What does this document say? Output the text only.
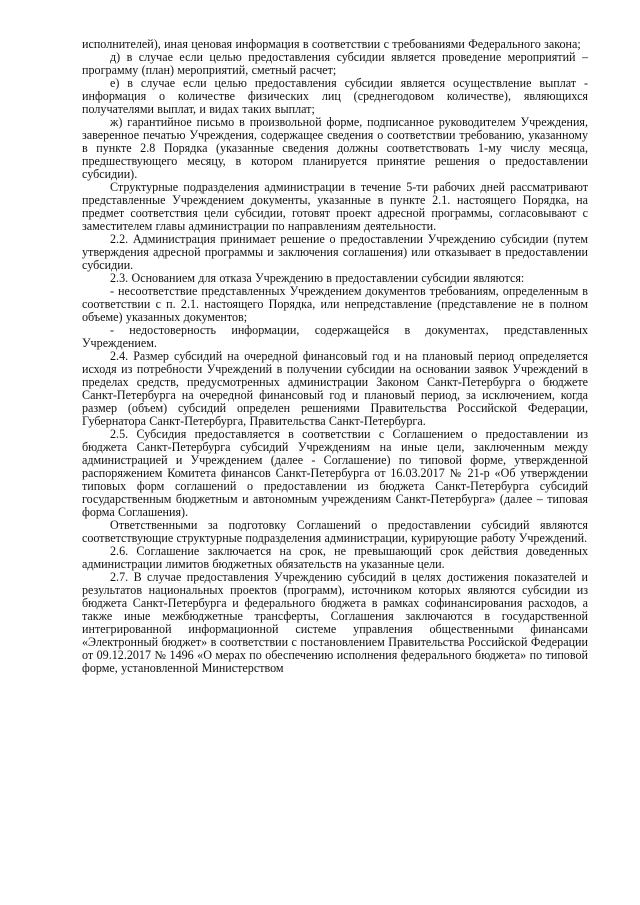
исполнителей), иная ценовая информация в соответствии с требованиями Федерального закона;

д) в случае если целью предоставления субсидии является проведение мероприятий – программу (план) мероприятий, сметный расчет;

е) в случае если целью предоставления субсидии является осуществление выплат - информация о количестве физических лиц (среднегодовом количестве), являющихся получателями выплат, и видах таких выплат;

ж) гарантийное письмо в произвольной форме, подписанное руководителем Учреждения, заверенное печатью Учреждения, содержащее сведения о соответствии требованию, указанному в пункте 2.8 Порядка (указанные сведения должны соответствовать 1-му числу месяца, предшествующего месяцу, в котором планируется принятие решения о предоставлении субсидии).

Структурные подразделения администрации в течение 5-ти рабочих дней рассматривают представленные Учреждением документы, указанные в пункте 2.1. настоящего Порядка, на предмет соответствия цели субсидии, готовят проект адресной программы, согласовывают с заместителем главы администрации по направлениям деятельности.

2.2. Администрация принимает решение о предоставлении Учреждению субсидии (путем утверждения адресной программы и заключения соглашения) или отказывает в предоставлении субсидии.

2.3. Основанием для отказа Учреждению в предоставлении субсидии являются:

- несоответствие представленных Учреждением документов требованиям, определенным в соответствии с п. 2.1. настоящего Порядка, или непредставление (представление не в полном объеме) указанных документов;

- недостоверность информации, содержащейся в документах, представленных Учреждением.

2.4. Размер субсидий на очередной финансовый год и на плановый период определяется исходя из потребности Учреждений в получении субсидии на основании заявок Учреждений в пределах средств, предусмотренных администрации Законом Санкт-Петербурга о бюджете Санкт-Петербурга на очередной финансовый год и плановый период, за исключением, когда размер (объем) субсидий определен решениями Правительства Российской Федерации, Губернатора Санкт-Петербурга, Правительства Санкт-Петербурга.

2.5. Субсидия предоставляется в соответствии с Соглашением о предоставлении из бюджета Санкт-Петербурга субсидий Учреждениям на иные цели, заключенным между администрацией и Учреждением (далее - Соглашение) по типовой форме, утвержденной распоряжением Комитета финансов Санкт-Петербурга от 16.03.2017 № 21-р «Об утверждении типовых форм соглашений о предоставлении из бюджета Санкт-Петербурга субсидий государственным бюджетным и автономным учреждениям Санкт-Петербурга» (далее – типовая форма Соглашения).

Ответственными за подготовку Соглашений о предоставлении субсидий являются соответствующие структурные подразделения администрации, курирующие работу Учреждений.

2.6. Соглашение заключается на срок, не превышающий срок действия доведенных администрации лимитов бюджетных обязательств на указанные цели.

2.7. В случае предоставления Учреждению субсидий в целях достижения показателей и результатов национальных проектов (программ), источником которых являются субсидии из бюджета Санкт-Петербурга и федерального бюджета в рамках софинансирования расходов, а также иные межбюджетные трансферты, Соглашения заключаются в государственной интегрированной информационной системе управления общественными финансами «Электронный бюджет» в соответствии с постановлением Правительства Российской Федерации от 09.12.2017 № 1496 «О мерах по обеспечению исполнения федерального бюджета» по типовой форме, установленной Министерством
